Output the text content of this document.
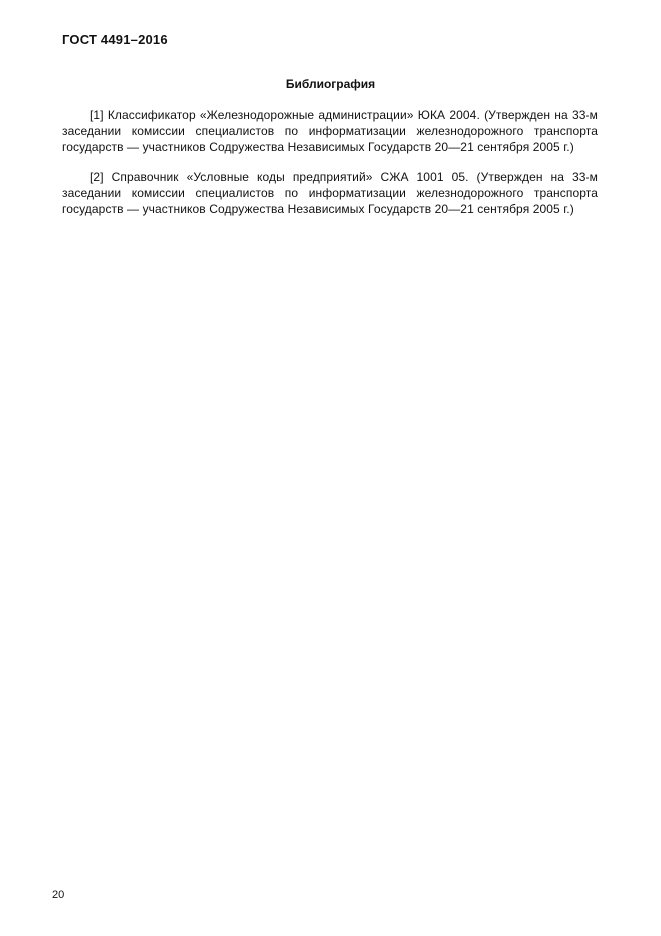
ГОСТ 4491–2016
Библиография

[1] Классификатор «Железнодорожные администрации» ЮКА 2004. (Утвержден на 33-м заседании комиссии специалистов по информатизации железнодорожного транспорта государств — участников Содружества Независимых Государств 20—21 сентября 2005 г.)

[2] Справочник «Условные коды предприятий» СЖА 1001 05. (Утвержден на 33-м заседании комиссии специалистов по информатизации железнодорожного транспорта государств — участников Содружества Независимых Государств 20—21 сентября 2005 г.)

20
